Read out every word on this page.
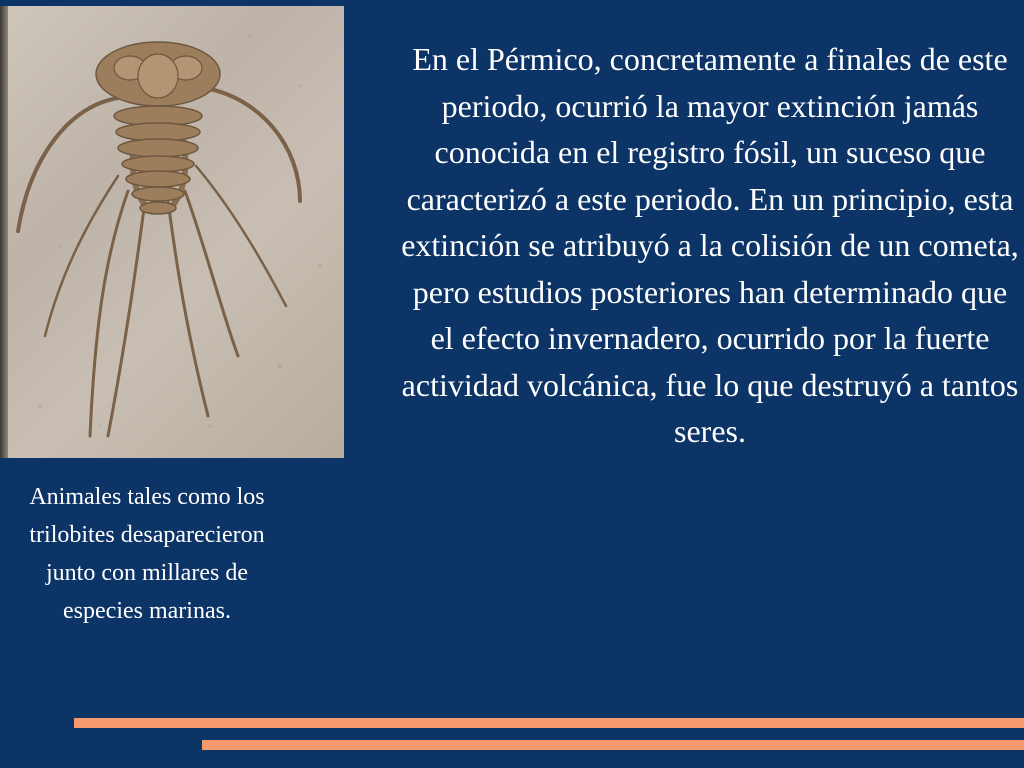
En el Pérmico, concretamente a finales de este periodo, ocurrió la mayor extinción jamás conocida en el registro fósil, un suceso que caracterizó a este periodo. En un principio, esta extinción se atribuyó a la colisión de un cometa, pero estudios posteriores han determinado que el efecto invernadero, ocurrido por la fuerte actividad volcánica, fue lo que destruyó a tantos seres.

Animales tales como los trilobites desaparecieron junto con millares de especies marinas.
